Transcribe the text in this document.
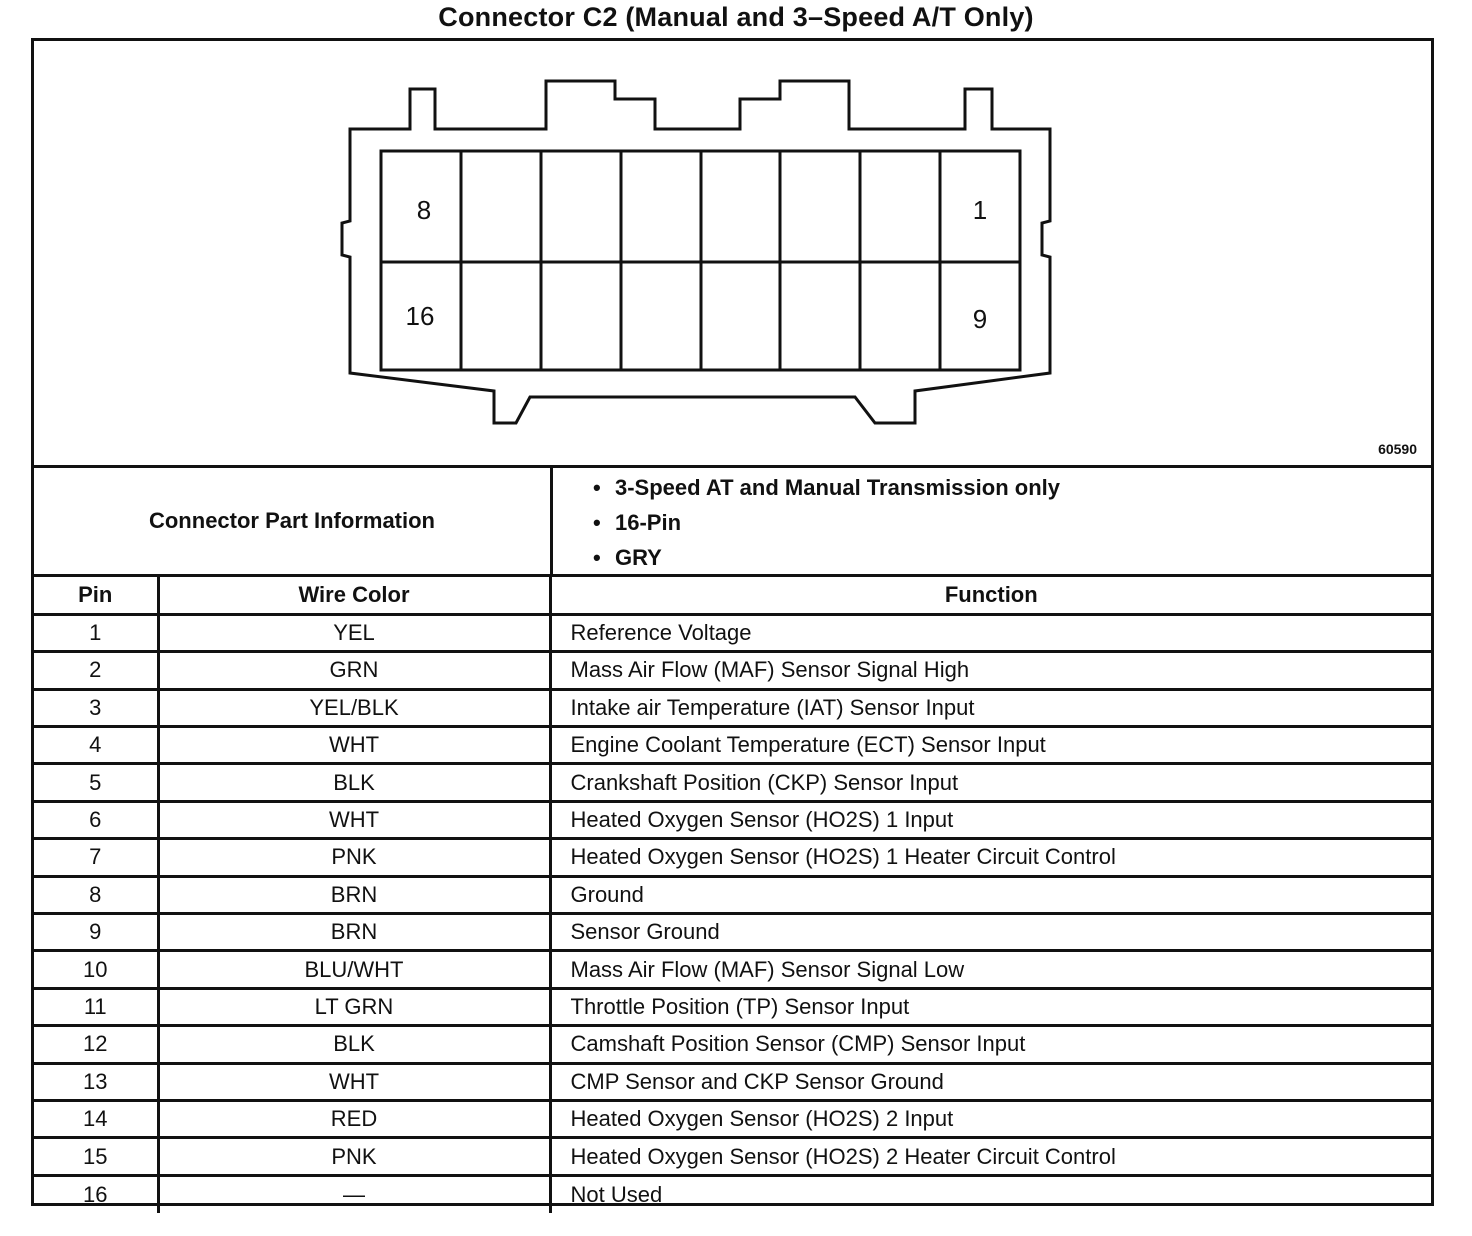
Connector C2 (Manual and 3–Speed A/T Only)
8	1
16	9
60590
Connector Part Information
• 3-Speed AT and Manual Transmission only
• 16-Pin
• GRY
Pin	Wire Color	Function
1	YEL	Reference Voltage
2	GRN	Mass Air Flow (MAF) Sensor Signal High
3	YEL/BLK	Intake air Temperature (IAT) Sensor Input
4	WHT	Engine Coolant Temperature (ECT) Sensor Input
5	BLK	Crankshaft Position (CKP) Sensor Input
6	WHT	Heated Oxygen Sensor (HO2S) 1 Input
7	PNK	Heated Oxygen Sensor (HO2S) 1 Heater Circuit Control
8	BRN	Ground
9	BRN	Sensor Ground
10	BLU/WHT	Mass Air Flow (MAF) Sensor Signal Low
11	LT GRN	Throttle Position (TP) Sensor Input
12	BLK	Camshaft Position Sensor (CMP) Sensor Input
13	WHT	CMP Sensor and CKP Sensor Ground
14	RED	Heated Oxygen Sensor (HO2S) 2 Input
15	PNK	Heated Oxygen Sensor (HO2S) 2 Heater Circuit Control
16	—	Not Used
